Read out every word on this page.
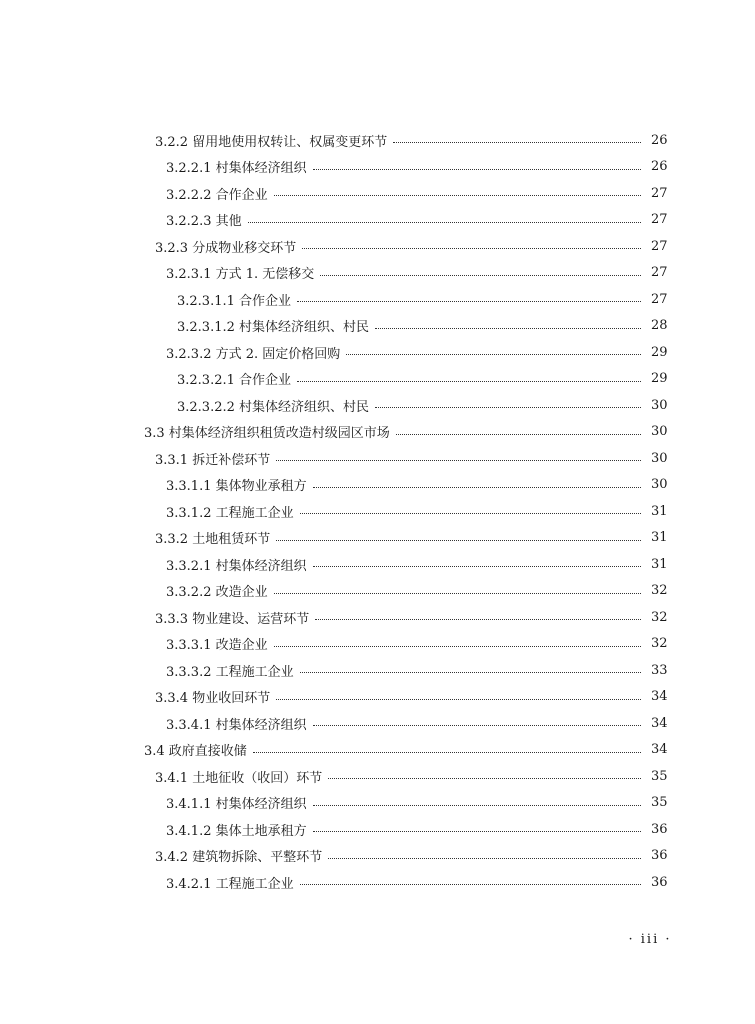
3.2.2 留用地使用权转让、权属变更环节	26
3.2.2.1 村集体经济组织	26
3.2.2.2 合作企业	27
3.2.2.3 其他	27
3.2.3 分成物业移交环节	27
3.2.3.1 方式 1. 无偿移交	27
3.2.3.1.1 合作企业	27
3.2.3.1.2 村集体经济组织、村民	28
3.2.3.2 方式 2. 固定价格回购	29
3.2.3.2.1 合作企业	29
3.2.3.2.2 村集体经济组织、村民	30
3.3 村集体经济组织租赁改造村级园区市场	30
3.3.1 拆迁补偿环节	30
3.3.1.1 集体物业承租方	30
3.3.1.2 工程施工企业	31
3.3.2 土地租赁环节	31
3.3.2.1 村集体经济组织	31
3.3.2.2 改造企业	32
3.3.3 物业建设、运营环节	32
3.3.3.1 改造企业	32
3.3.3.2 工程施工企业	33
3.3.4 物业收回环节	34
3.3.4.1 村集体经济组织	34
3.4 政府直接收储	34
3.4.1 土地征收（收回）环节	35
3.4.1.1 村集体经济组织	35
3.4.1.2 集体土地承租方	36
3.4.2 建筑物拆除、平整环节	36
3.4.2.1 工程施工企业	36
· iii ·
